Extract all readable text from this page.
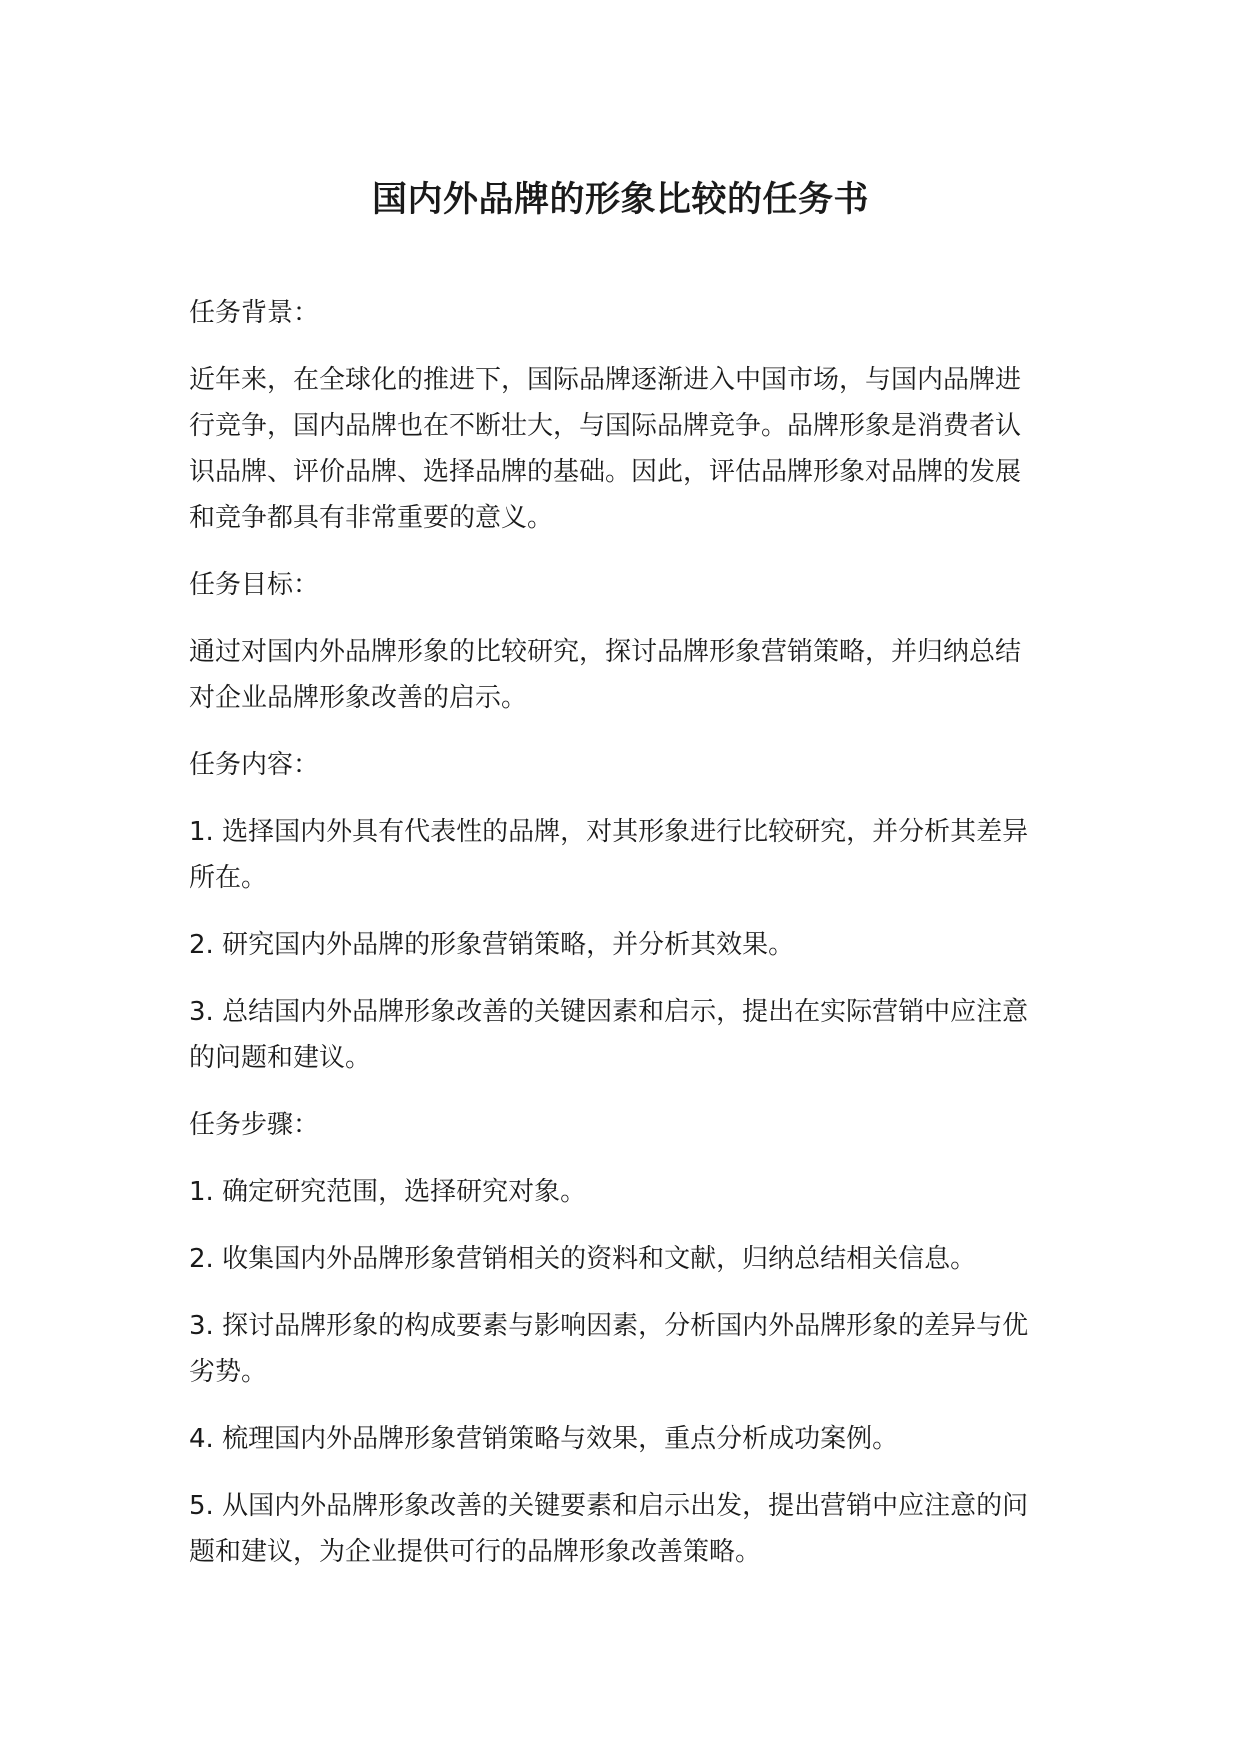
国内外品牌的形象比较的任务书

任务背景：

近年来，在全球化的推进下，国际品牌逐渐进入中国市场，与国内品牌进行竞争，国内品牌也在不断壮大，与国际品牌竞争。品牌形象是消费者认识品牌、评价品牌、选择品牌的基础。因此，评估品牌形象对品牌的发展和竞争都具有非常重要的意义。

任务目标：

通过对国内外品牌形象的比较研究，探讨品牌形象营销策略，并归纳总结对企业品牌形象改善的启示。

任务内容：

1. 选择国内外具有代表性的品牌，对其形象进行比较研究，并分析其差异所在。

2. 研究国内外品牌的形象营销策略，并分析其效果。

3. 总结国内外品牌形象改善的关键因素和启示，提出在实际营销中应注意的问题和建议。

任务步骤：

1. 确定研究范围，选择研究对象。

2. 收集国内外品牌形象营销相关的资料和文献，归纳总结相关信息。

3. 探讨品牌形象的构成要素与影响因素，分析国内外品牌形象的差异与优劣势。

4. 梳理国内外品牌形象营销策略与效果，重点分析成功案例。

5. 从国内外品牌形象改善的关键要素和启示出发，提出营销中应注意的问题和建议，为企业提供可行的品牌形象改善策略。
